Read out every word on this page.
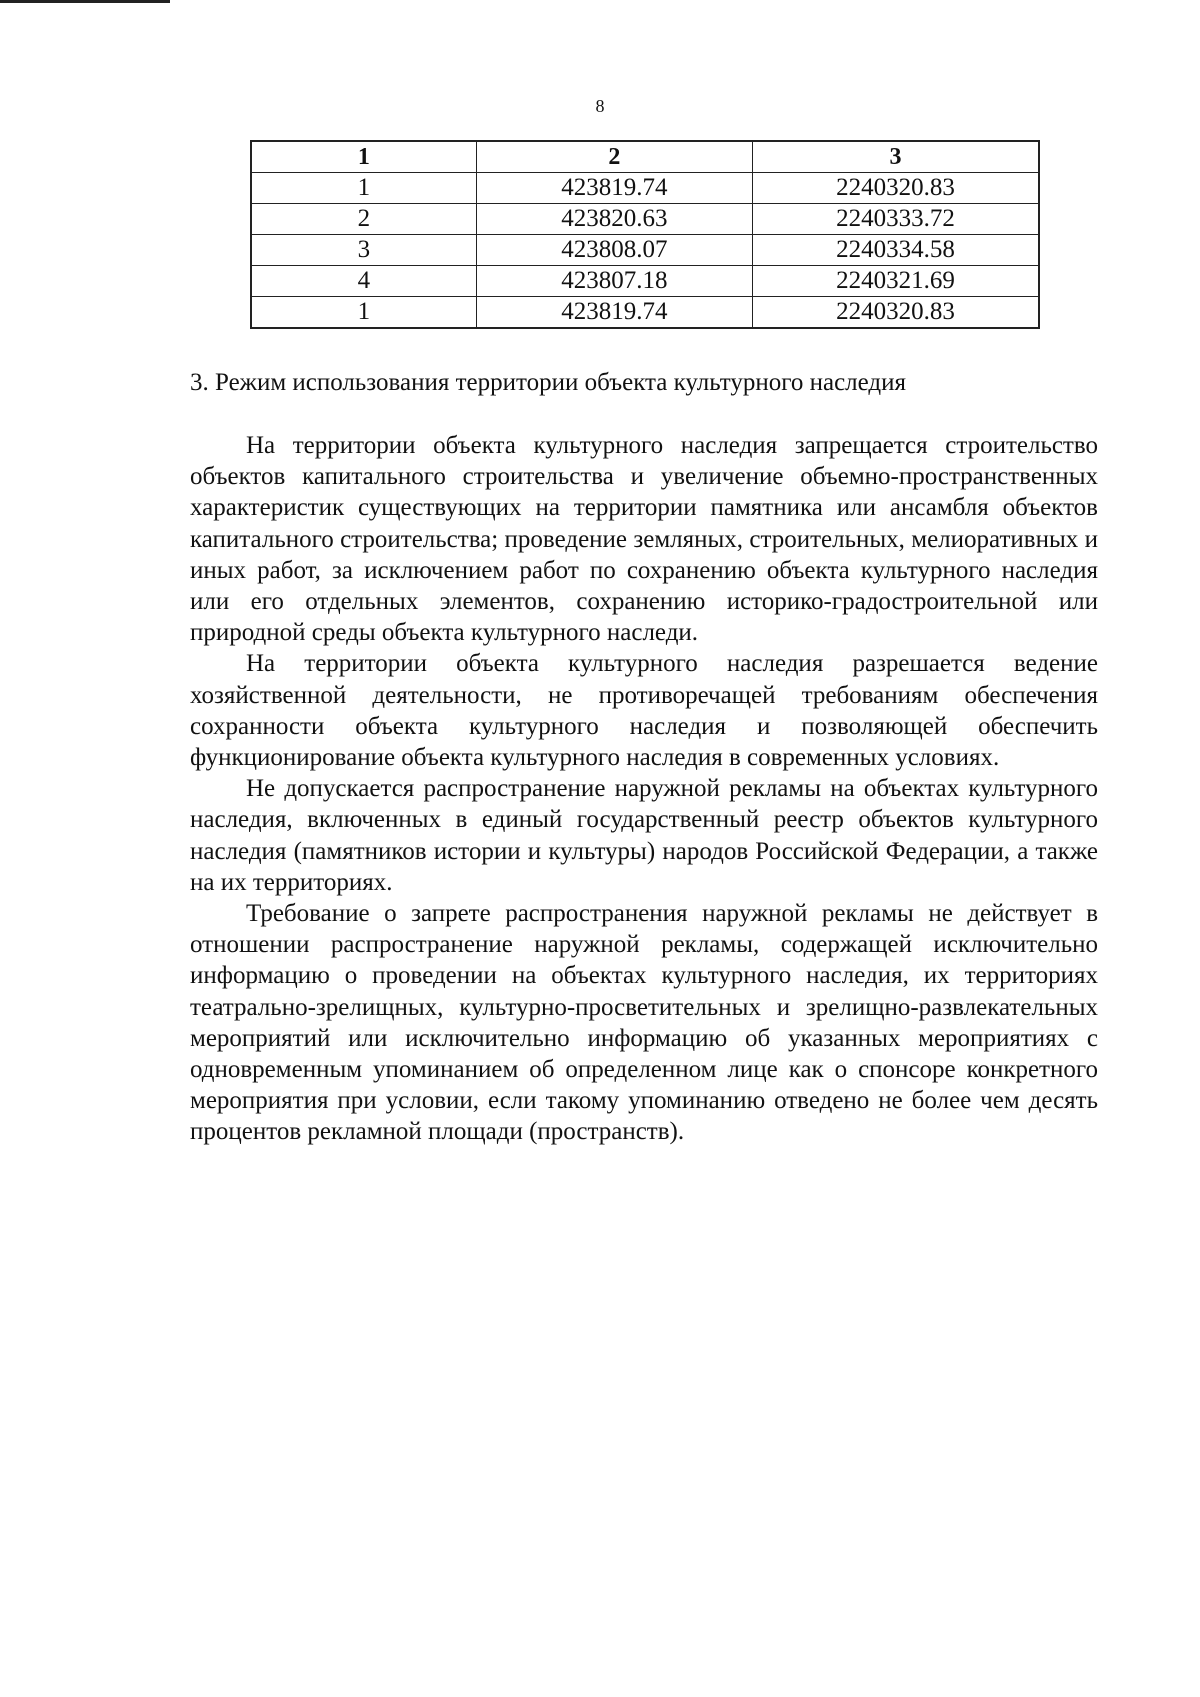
8
1	2	3
1	423819.74	2240320.83
2	423820.63	2240333.72
3	423808.07	2240334.58
4	423807.18	2240321.69
1	423819.74	2240320.83
3. Режим использования территории объекта культурного наследия

На территории объекта культурного наследия запрещается строительство объектов капитального строительства и увеличение объемно-пространственных характеристик существующих на территории памятника или ансамбля объектов капитального строительства; проведение земляных, строительных, мелиоративных и иных работ, за исключением работ по сохранению объекта культурного наследия или его отдельных элементов, сохранению историко-градостроительной или природной среды объекта культурного наследи.

На территории объекта культурного наследия разрешается ведение хозяйственной деятельности, не противоречащей требованиям обеспечения сохранности объекта культурного наследия и позволяющей обеспечить функционирование объекта культурного наследия в современных условиях.

Не допускается распространение наружной рекламы на объектах культурного наследия, включенных в единый государственный реестр объектов культурного наследия (памятников истории и культуры) народов Российской Федерации, а также на их территориях.

Требование о запрете распространения наружной рекламы не действует в отношении распространение наружной рекламы, содержащей исключительно информацию о проведении на объектах культурного наследия, их территориях театрально-зрелищных, культурно-просветительных и зрелищно-развлекательных мероприятий или исключительно информацию об указанных мероприятиях с одновременным упоминанием об определенном лице как о спонсоре конкретного мероприятия при условии, если такому упоминанию отведено не более чем десять процентов рекламной площади (пространств).
